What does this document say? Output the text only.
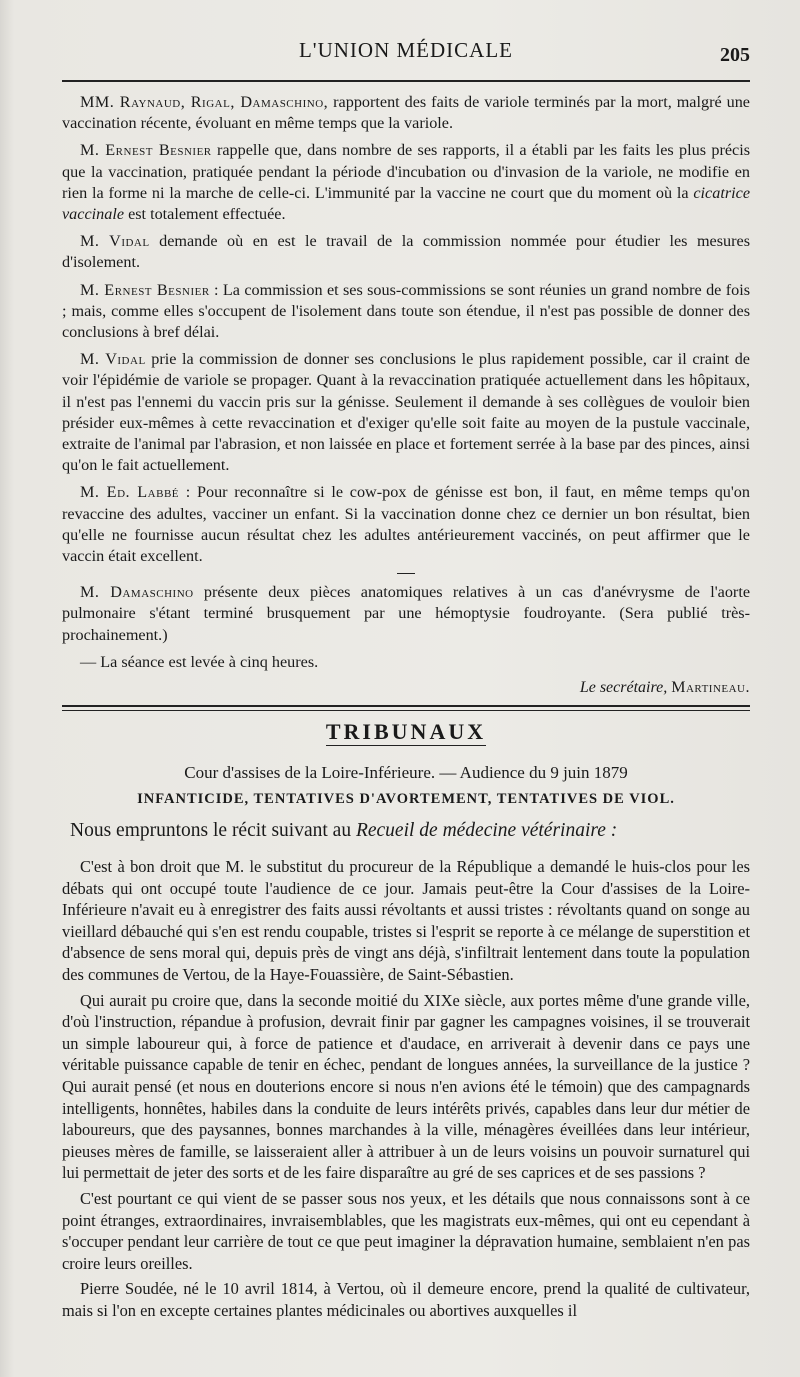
L'UNION MÉDICALE	205

MM. Raynaud, Rigal, Damaschino, rapportent des faits de variole terminés par la mort, malgré une vaccination récente, évoluant en même temps que la variole.

M. Ernest Besnier rappelle que, dans nombre de ses rapports, il a établi par les faits les plus précis que la vaccination, pratiquée pendant la période d'incubation ou d'invasion de la variole, ne modifie en rien la forme ni la marche de celle-ci. L'immunité par la vaccine ne court que du moment où la cicatrice vaccinale est totalement effectuée.

M. Vidal demande où en est le travail de la commission nommée pour étudier les mesures d'isolement.

M. Ernest Besnier : La commission et ses sous-commissions se sont réunies un grand nombre de fois ; mais, comme elles s'occupent de l'isolement dans toute son étendue, il n'est pas possible de donner des conclusions à bref délai.

M. Vidal prie la commission de donner ses conclusions le plus rapidement possible, car il craint de voir l'épidémie de variole se propager. Quant à la revaccination pratiquée actuellement dans les hôpitaux, il n'est pas l'ennemi du vaccin pris sur la génisse. Seulement il demande à ses collègues de vouloir bien présider eux-mêmes à cette revaccination et d'exiger qu'elle soit faite au moyen de la pustule vaccinale, extraite de l'animal par l'abrasion, et non laissée en place et fortement serrée à la base par des pinces, ainsi qu'on le fait actuellement.

M. Ed. Labbé : Pour reconnaître si le cow-pox de génisse est bon, il faut, en même temps qu'on revaccine des adultes, vacciner un enfant. Si la vaccination donne chez ce dernier un bon résultat, bien qu'elle ne fournisse aucun résultat chez les adultes antérieurement vaccinés, on peut affirmer que le vaccin était excellent.

M. Damaschino présente deux pièces anatomiques relatives à un cas d'anévrysme de l'aorte pulmonaire s'étant terminé brusquement par une hémoptysie foudroyante. (Sera publié très-prochainement.)

— La séance est levée à cinq heures.

Le secrétaire, Martineau.
TRIBUNAUX
Cour d'assises de la Loire-Inférieure. — Audience du 9 juin 1879
INFANTICIDE, TENTATIVES D'AVORTEMENT, TENTATIVES DE VIOL.
Nous empruntons le récit suivant au Recueil de médecine vétérinaire :

C'est à bon droit que M. le substitut du procureur de la République a demandé le huis-clos pour les débats qui ont occupé toute l'audience de ce jour. Jamais peut-être la Cour d'assises de la Loire-Inférieure n'avait eu à enregistrer des faits aussi révoltants et aussi tristes : révoltants quand on songe au vieillard débauché qui s'en est rendu coupable, tristes si l'esprit se reporte à ce mélange de superstition et d'absence de sens moral qui, depuis près de vingt ans déjà, s'infiltrait lentement dans toute la population des communes de Vertou, de la Haye-Fouassière, de Saint-Sébastien.

Qui aurait pu croire que, dans la seconde moitié du XIXe siècle, aux portes même d'une grande ville, d'où l'instruction, répandue à profusion, devrait finir par gagner les campagnes voisines, il se trouverait un simple laboureur qui, à force de patience et d'audace, en arriverait à devenir dans ce pays une véritable puissance capable de tenir en échec, pendant de longues années, la surveillance de la justice ? Qui aurait pensé (et nous en douterions encore si nous n'en avions été le témoin) que des campagnards intelligents, honnêtes, habiles dans la conduite de leurs intérêts privés, capables dans leur dur métier de laboureurs, que des paysannes, bonnes marchandes à la ville, ménagères éveillées dans leur intérieur, pieuses mères de famille, se laisseraient aller à attribuer à un de leurs voisins un pouvoir surnaturel qui lui permettait de jeter des sorts et de les faire disparaître au gré de ses caprices et de ses passions ?

C'est pourtant ce qui vient de se passer sous nos yeux, et les détails que nous connaissons sont à ce point étranges, extraordinaires, invraisemblables, que les magistrats eux-mêmes, qui ont eu cependant à s'occuper pendant leur carrière de tout ce que peut imaginer la dépravation humaine, semblaient n'en pas croire leurs oreilles.

Pierre Soudée, né le 10 avril 1814, à Vertou, où il demeure encore, prend la qualité de cultivateur, mais si l'on en excepte certaines plantes médicinales ou abortives auxquelles il
